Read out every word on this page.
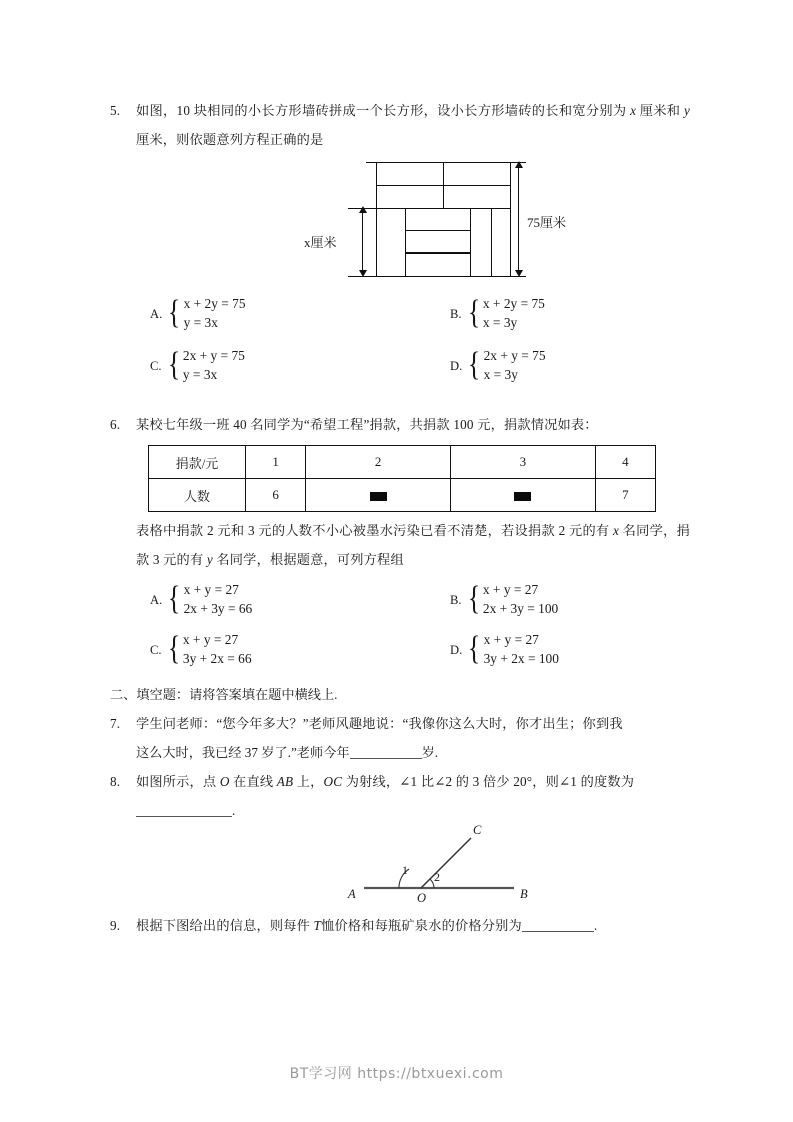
5.	如图，10 块相同的小长方形墙砖拼成一个长方形，设小长方形墙砖的长和宽分别为 x 厘米和 y 厘米，则依题意列方程正确的是
x厘米
75厘米
A. { x + 2y = 75
y = 3x
B. { x + 2y = 75
x = 3y
C. { 2x + y = 75
y = 3x
D. { 2x + y = 75
x = 3y
6.	某校七年级一班 40 名同学为“希望工程”捐款，共捐款 100 元，捐款情况如表：
捐款/元	1	2	3	4
人数	6			7
表格中捐款 2 元和 3 元的人数不小心被墨水污染已看不清楚，若设捐款 2 元的有 x 名同学，捐款 3 元的有 y 名同学，根据题意，可列方程组
A. { x + y = 27
2x + 3y = 66
B. { x + y = 27
2x + 3y = 100
C. { x + y = 27
3y + 2x = 66
D. { x + y = 27
3y + 2x = 100
二、填空题：请将答案填在题中横线上.
7.	学生问老师：“您今年多大？”老师风趣地说：“我像你这么大时，你才出生；你到我
这么大时，我已经 37 岁了.”老师今年	岁.
8.	如图所示，点 O 在直线 AB 上，OC 为射线，∠1 比∠2 的 3 倍少 20°，则∠1 的度数为
.
A	B
C
O
1 2
9.	根据下图给出的信息，则每件 T恤价格和每瓶矿泉水的价格分别为	.
BT学习网 https://btxuexi.com
